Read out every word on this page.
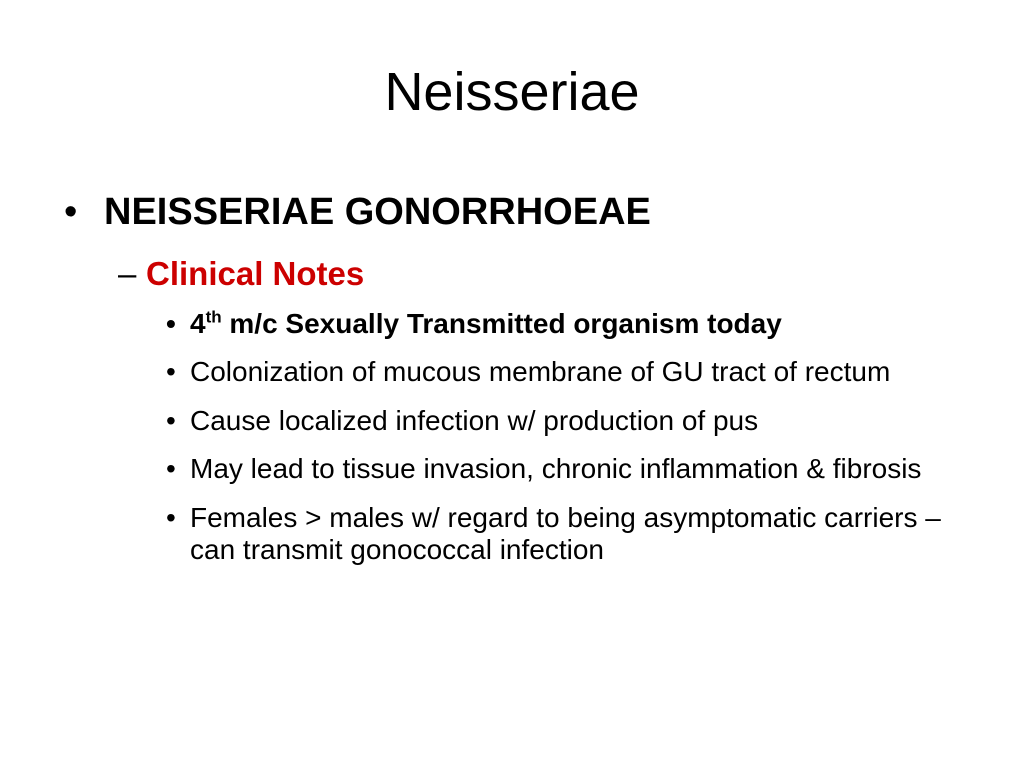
Neisseriae
• NEISSERIAE GONORRHOEAE
– Clinical Notes
• 4th m/c Sexually Transmitted organism today
• Colonization of mucous membrane of GU tract of rectum
• Cause localized infection w/ production of pus
• May lead to tissue invasion, chronic inflammation & fibrosis
• Females > males w/ regard to being asymptomatic carriers – can transmit gonococcal infection
